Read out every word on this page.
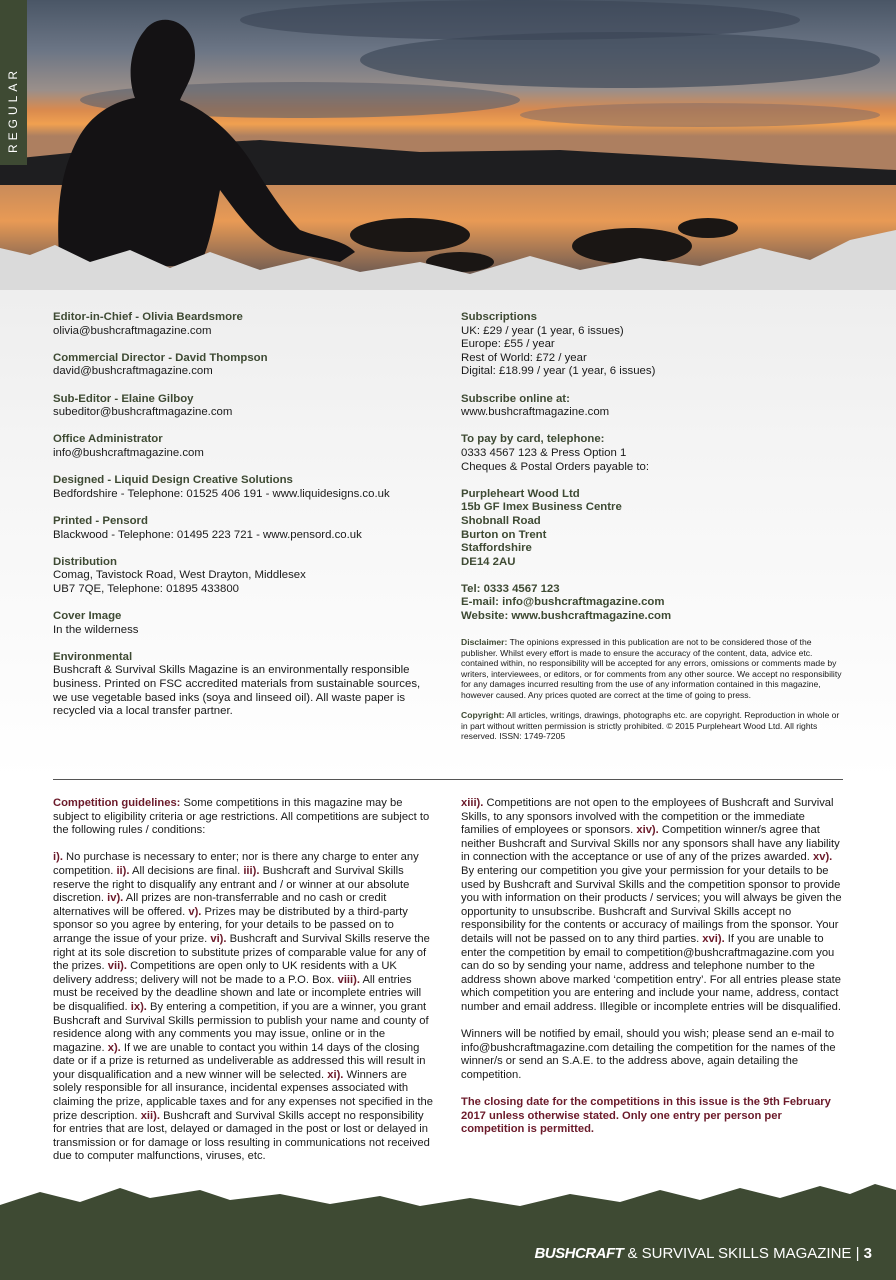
REGULAR
Editor-in-Chief - Olivia Beardsmore
olivia@bushcraftmagazine.com
Commercial Director - David Thompson
david@bushcraftmagazine.com
Sub-Editor - Elaine Gilboy
subeditor@bushcraftmagazine.com
Office Administrator
info@bushcraftmagazine.com
Designed - Liquid Design Creative Solutions
Bedfordshire - Telephone: 01525 406 191 - www.liquidesigns.co.uk
Printed - Pensord
Blackwood - Telephone: 01495 223 721 - www.pensord.co.uk
Distribution
Comag, Tavistock Road, West Drayton, Middlesex
UB7 7QE, Telephone: 01895 433800
Cover Image
In the wilderness
Environmental
Bushcraft & Survival Skills Magazine is an environmentally responsible
business. Printed on FSC accredited materials from sustainable sources,
we use vegetable based inks (soya and linseed oil). All waste paper is
recycled via a local transfer partner.
Subscriptions
UK: £29 / year (1 year, 6 issues)
Europe: £55 / year
Rest of World: £72 / year
Digital: £18.99 / year (1 year, 6 issues)
Subscribe online at:
www.bushcraftmagazine.com
To pay by card, telephone:
0333 4567 123 & Press Option 1
Cheques & Postal Orders payable to:
Purpleheart Wood Ltd
15b GF Imex Business Centre
Shobnall Road
Burton on Trent
Staffordshire
DE14 2AU
Tel: 0333 4567 123
E-mail: info@bushcraftmagazine.com
Website: www.bushcraftmagazine.com
Disclaimer: The opinions expressed in this publication are not to be considered those of the publisher. Whilst every effort is made to ensure the accuracy of the content, data, advice etc. contained within, no responsibility will be accepted for any errors, omissions or comments made by writers, interviewees, or editors, or for comments from any other source. We accept no responsibility for any damages incurred resulting from the use of any information contained in this magazine, however caused. Any prices quoted are correct at the time of going to press.
Copyright: All articles, writings, drawings, photographs etc. are copyright. Reproduction in whole or in part without written permission is strictly prohibited. © 2015 Purpleheart Wood Ltd. All rights reserved. ISSN: 1749-7205

Competition guidelines: Some competitions in this magazine may be subject to eligibility criteria or age restrictions. All competitions are subject to the following rules / conditions:

i). No purchase is necessary to enter; nor is there any charge to enter any competition. ii). All decisions are final. iii). Bushcraft and Survival Skills reserve the right to disqualify any entrant and / or winner at our absolute discretion. iv). All prizes are non-transferrable and no cash or credit alternatives will be offered. v). Prizes may be distributed by a third-party sponsor so you agree by entering, for your details to be passed on to arrange the issue of your prize. vi). Bushcraft and Survival Skills reserve the right at its sole discretion to substitute prizes of comparable value for any of the prizes. vii). Competitions are open only to UK residents with a UK delivery address; delivery will not be made to a P.O. Box. viii). All entries must be received by the deadline shown and late or incomplete entries will be disqualified. ix). By entering a competition, if you are a winner, you grant Bushcraft and Survival Skills permission to publish your name and county of residence along with any comments you may issue, online or in the magazine. x). If we are unable to contact you within 14 days of the closing date or if a prize is returned as undeliverable as addressed this will result in your disqualification and a new winner will be selected. xi). Winners are solely responsible for all insurance, incidental expenses associated with claiming the prize, applicable taxes and for any expenses not specified in the prize description. xii). Bushcraft and Survival Skills accept no responsibility for entries that are lost, delayed or damaged in the post or lost or delayed in transmission or for damage or loss resulting in communications not received due to computer malfunctions, viruses, etc.

xiii). Competitions are not open to the employees of Bushcraft and Survival Skills, to any sponsors involved with the competition or the immediate families of employees or sponsors. xiv). Competition winner/s agree that neither Bushcraft and Survival Skills nor any sponsors shall have any liability in connection with the acceptance or use of any of the prizes awarded. xv). By entering our competition you give your permission for your details to be used by Bushcraft and Survival Skills and the competition sponsor to provide you with information on their products / services; you will always be given the opportunity to unsubscribe. Bushcraft and Survival Skills accept no responsibility for the contents or accuracy of mailings from the sponsor. Your details will not be passed on to any third parties. xvi). If you are unable to enter the competition by email to competition@bushcraftmagazine.com you can do so by sending your name, address and telephone number to the address shown above marked ‘competition entry’. For all entries please state which competition you are entering and include your name, address, contact number and email address. Illegible or incomplete entries will be disqualified.

Winners will be notified by email, should you wish; please send an e-mail to info@bushcraftmagazine.com detailing the competition for the names of the winner/s or send an S.A.E. to the address above, again detailing the competition.

The closing date for the competitions in this issue is the 9th February 2017 unless otherwise stated. Only one entry per person per competition is permitted.

BUSHCRAFT & SURVIVAL SKILLS MAGAZINE | 3
